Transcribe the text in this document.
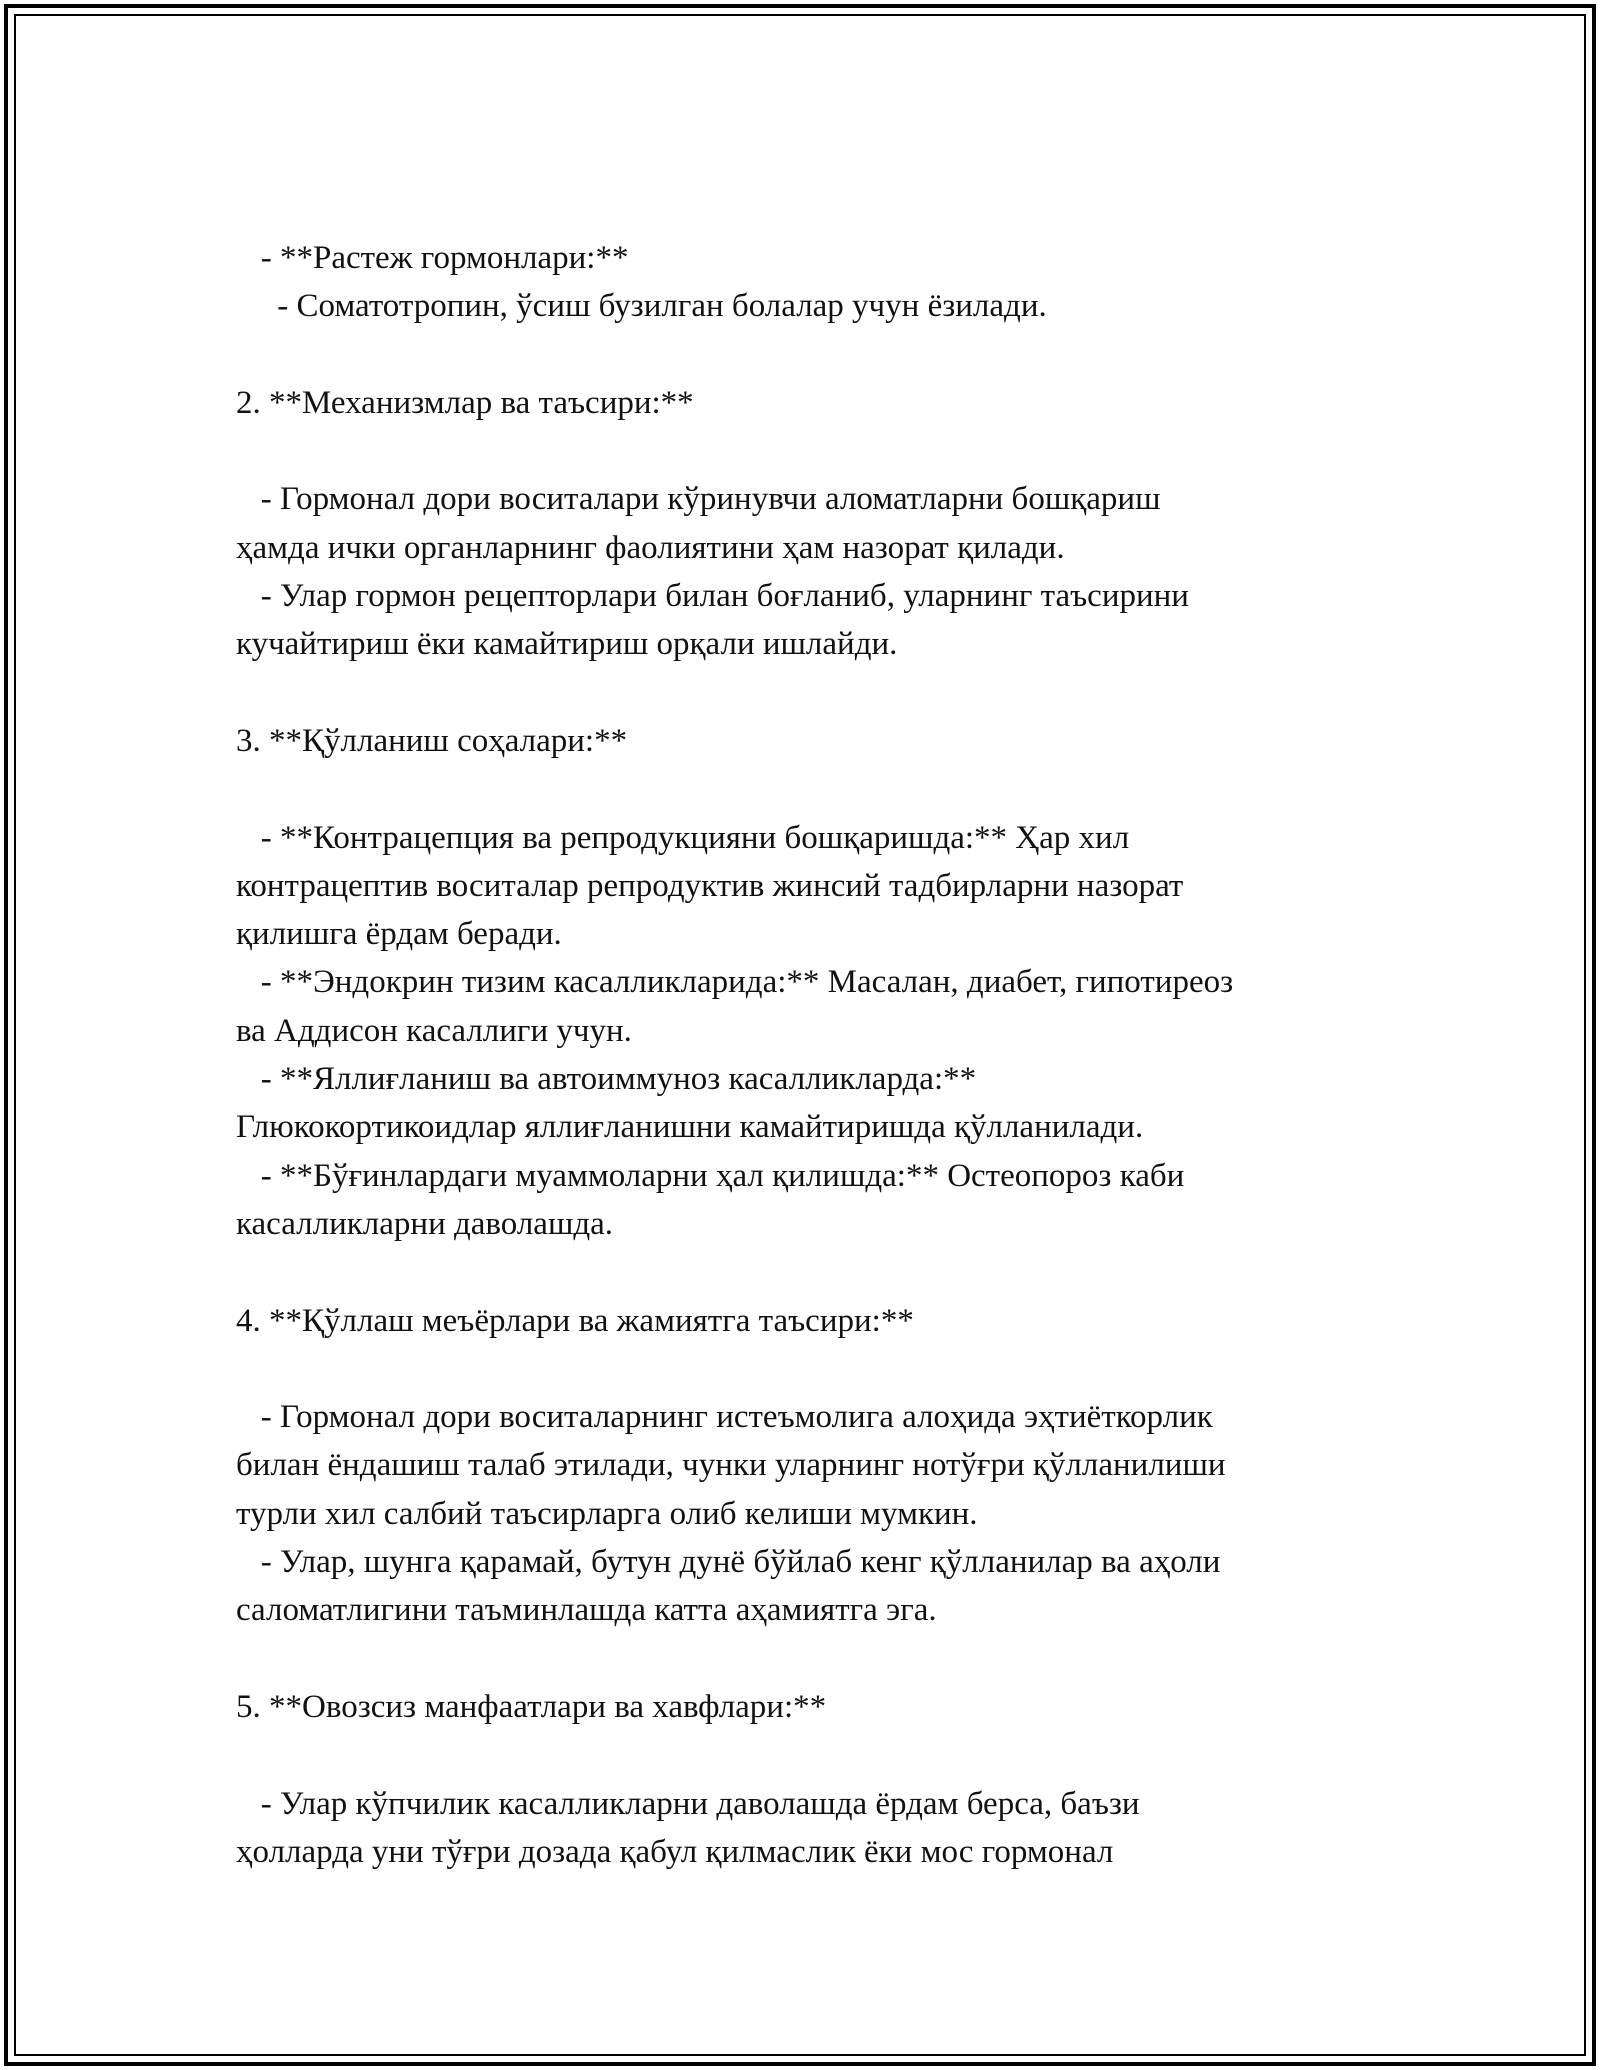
- **Растеж гормонлари:**
- Соматотропин, ўсиш бузилган болалар учун ёзилади.
2. **Механизмлар ва таъсири:**
- Гормонал дори воситалари кўринувчи аломатларни бошқариш
ҳамда ички органларнинг фаолиятини ҳам назорат қилади.
- Улар гормон рецепторлари билан боғланиб, уларнинг таъсирини
кучайтириш ёки камайтириш орқали ишлайди.
3. **Қўлланиш соҳалари:**
- **Контрацепция ва репродукцияни бошқаришда:** Ҳар хил
контрацептив воситалар репродуктив жинсий тадбирларни назорат
қилишга ёрдам беради.
- **Эндокрин тизим касалликларида:** Масалан, диабет, гипотиреоз
ва Аддисон касаллиги учун.
- **Яллиғланиш ва автоиммуноз касалликларда:**
Глюкокортикоидлар яллиғланишни камайтиришда қўлланилади.
- **Бўғинлардаги муаммоларни ҳал қилишда:** Остеопороз каби
касалликларни даволашда.
4. **Қўллаш меъёрлари ва жамиятга таъсири:**
- Гормонал дори воситаларнинг истеъмолига алоҳида эҳтиёткорлик
билан ёндашиш талаб этилади, чунки уларнинг нотўғри қўлланилиши
турли хил салбий таъсирларга олиб келиши мумкин.
- Улар, шунга қарамай, бутун дунё бўйлаб кенг қўлланилар ва аҳоли
саломатлигини таъминлашда катта аҳамиятга эга.
5. **Овозсиз манфаатлари ва хавфлари:**
- Улар кўпчилик касалликларни даволашда ёрдам берса, баъзи
ҳолларда уни тўғри дозада қабул қилмаслик ёки мос гормонал
